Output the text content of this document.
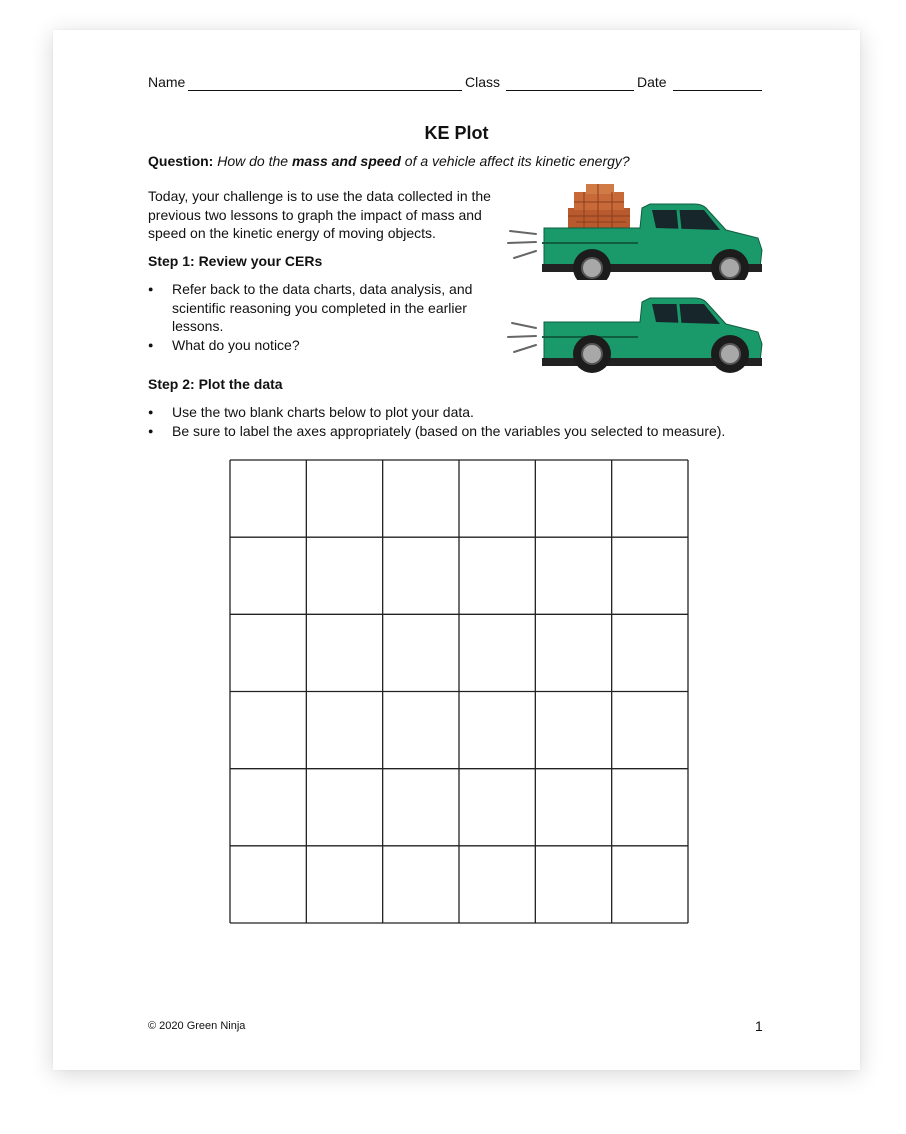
Name	Class	Date
KE Plot
Question: How do the mass and speed of a vehicle affect its kinetic energy?
Today, your challenge is to use the data collected in the previous two lessons to graph the impact of mass and speed on the kinetic energy of moving objects.
Step 1: Review your CERs
● Refer back to the data charts, data analysis, and scientific reasoning you completed in the earlier lessons.
● What do you notice?
Step 2: Plot the data
● Use the two blank charts below to plot your data.
● Be sure to label the axes appropriately (based on the variables you selected to measure).
© 2020 Green Ninja	1
